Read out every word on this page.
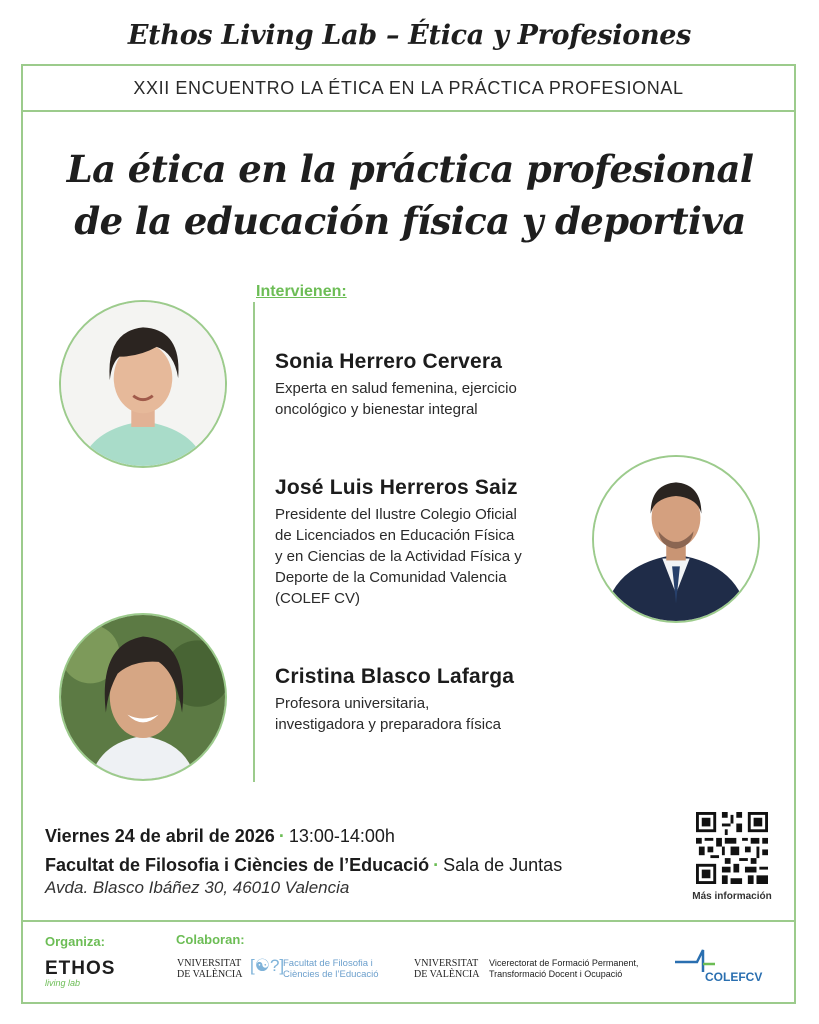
Ethos Living Lab – Ética y Profesiones
XXII ENCUENTRO LA ÉTICA EN LA PRÁCTICA PROFESIONAL
La ética en la práctica profesional
de la educación física y deportiva
Intervienen:
Sonia Herrero Cervera
Experta en salud femenina, ejercicio
oncológico y bienestar integral
José Luis Herreros Saiz
Presidente del Ilustre Colegio Oficial
de Licenciados en Educación Física
y en Ciencias de la Actividad Física y
Deporte de la Comunidad Valencia
(COLEF CV)
Cristina Blasco Lafarga
Profesora universitaria,
investigadora y preparadora física
Viernes 24 de abril de 2026 · 13:00-14:00h
Facultat de Filosofia i Ciències de l’Educació · Sala de Juntas
Avda. Blasco Ibáñez 30, 46010 Valencia	Más información
Organiza:	Colaboran:
ETHOS
living lab
VNIVERSITAT
DE VALÈNCIA [☯?]
Facultat de Filosofia i
Ciències de l’Educació
VNIVERSITAT
DE VALÈNCIA
Vicerectorat de Formació Permanent,
Transformació Docent i Ocupació	COLEFCV
